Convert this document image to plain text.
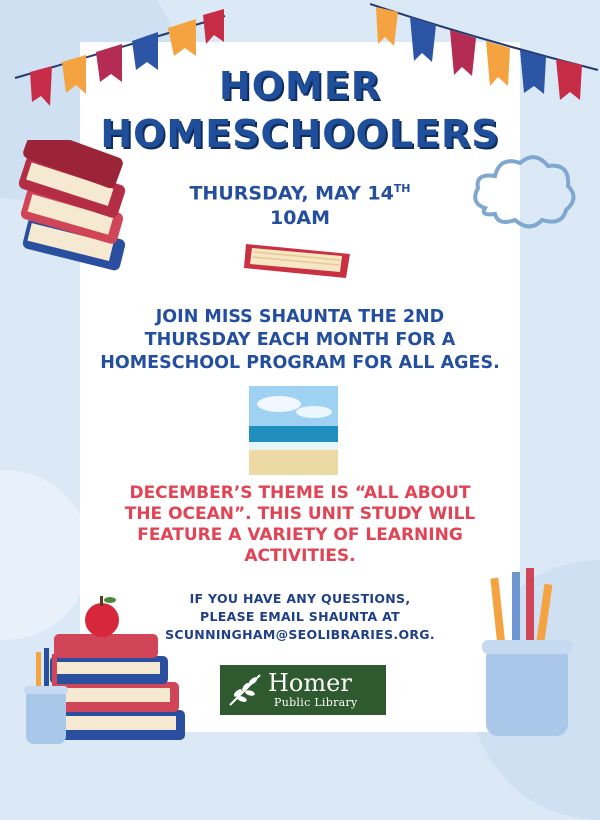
HOMER
HOMESCHOOLERS
THURSDAY, MAY 14TH
10AM
JOIN MISS SHAUNTA THE 2ND
THURSDAY EACH MONTH FOR A
HOMESCHOOL PROGRAM FOR ALL AGES.
DECEMBER’S THEME IS “ALL ABOUT
THE OCEAN”. THIS UNIT STUDY WILL
FEATURE A VARIETY OF LEARNING
ACTIVITIES.
IF YOU HAVE ANY QUESTIONS,
PLEASE EMAIL SHAUNTA AT
SCUNNINGHAM@SEOLIBRARIES.ORG.
Homer
Public Library
